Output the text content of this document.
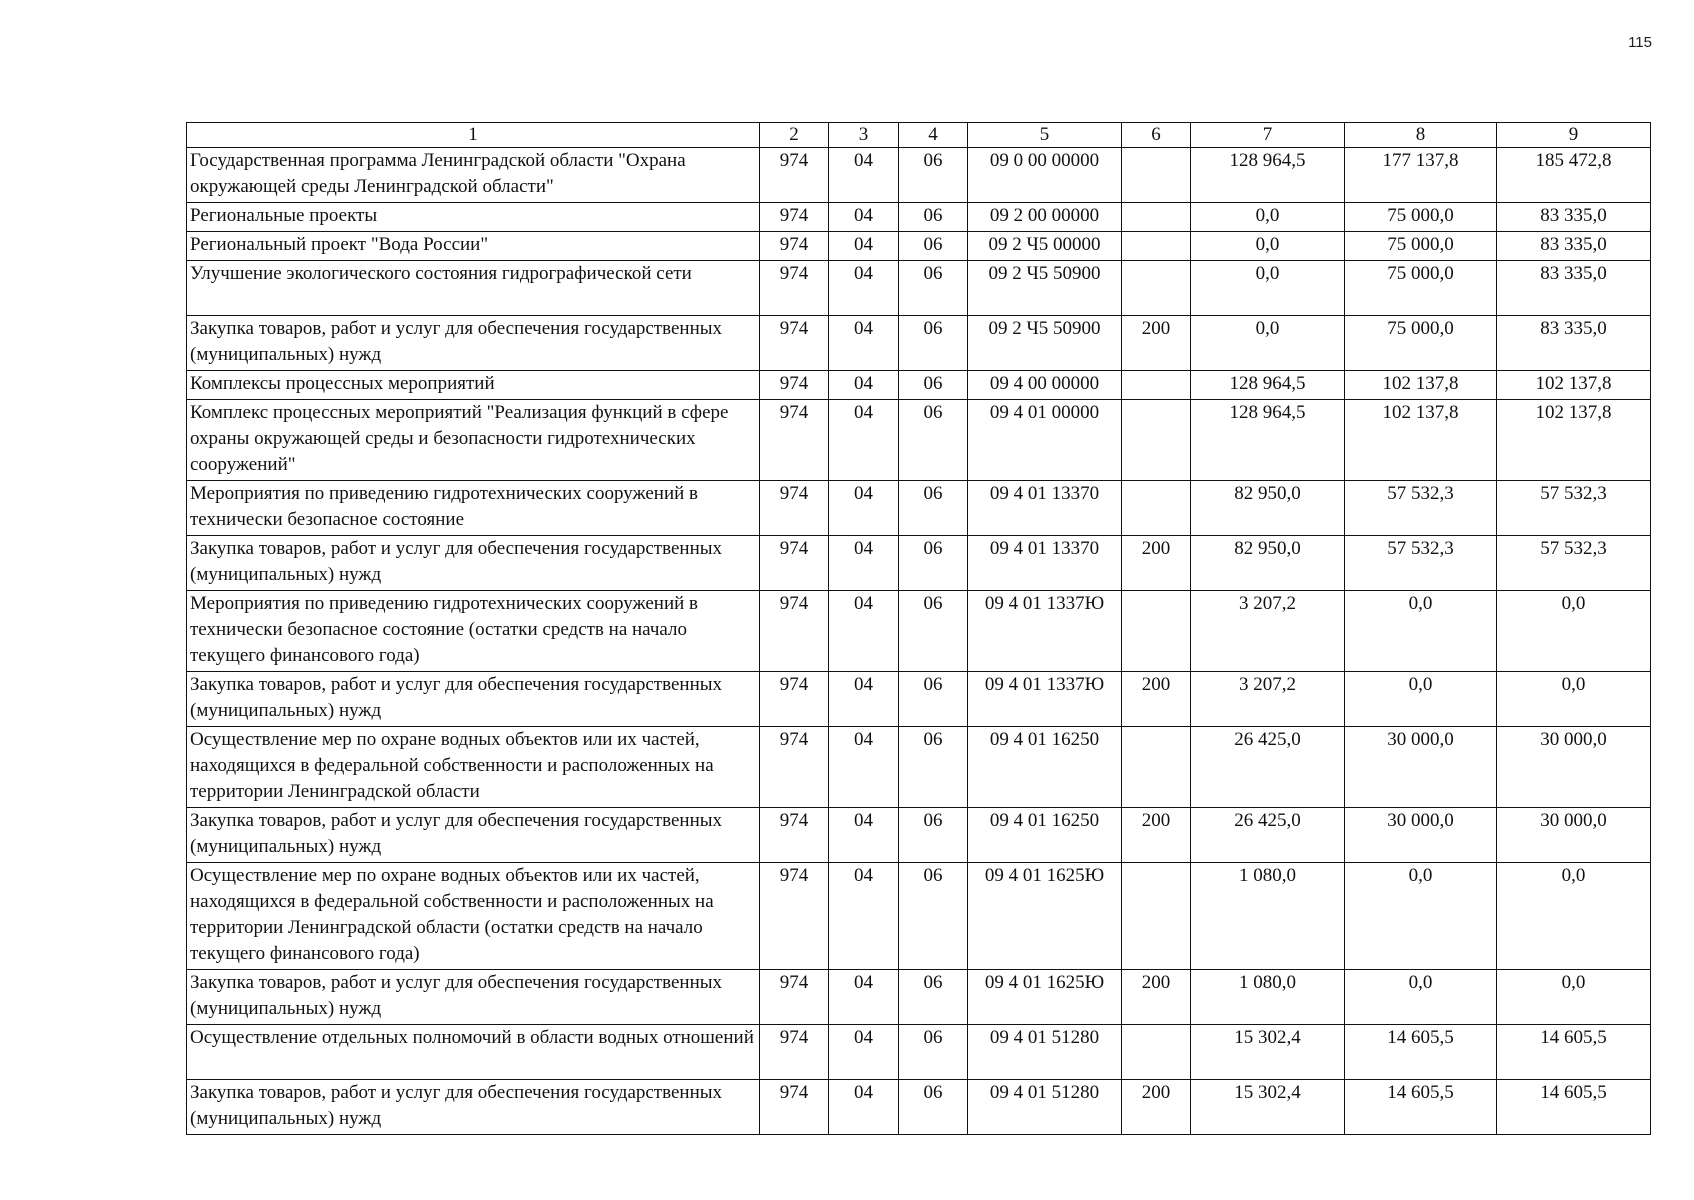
115
1	2	3	4	5	6	7	8	9
Государственная программа Ленинградской области "Охрана окружающей среды Ленинградской области"	974	04	06	09 0 00 00000		128 964,5	177 137,8	185 472,8
Региональные проекты	974	04	06	09 2 00 00000		0,0	75 000,0	83 335,0
Региональный проект "Вода России"	974	04	06	09 2 Ч5 00000		0,0	75 000,0	83 335,0
Улучшение экологического состояния гидрографической сети	974	04	06	09 2 Ч5 50900		0,0	75 000,0	83 335,0
Закупка товаров, работ и услуг для обеспечения государственных (муниципальных) нужд	974	04	06	09 2 Ч5 50900	200	0,0	75 000,0	83 335,0
Комплексы процессных мероприятий	974	04	06	09 4 00 00000		128 964,5	102 137,8	102 137,8
Комплекс процессных мероприятий "Реализация функций в сфере охраны окружающей среды и безопасности гидротехнических сооружений"	974	04	06	09 4 01 00000		128 964,5	102 137,8	102 137,8
Мероприятия по приведению гидротехнических сооружений в технически безопасное состояние	974	04	06	09 4 01 13370		82 950,0	57 532,3	57 532,3
Закупка товаров, работ и услуг для обеспечения государственных (муниципальных) нужд	974	04	06	09 4 01 13370	200	82 950,0	57 532,3	57 532,3
Мероприятия по приведению гидротехнических сооружений в технически безопасное состояние (остатки средств на начало текущего финансового года)	974	04	06	09 4 01 1337Ю		3 207,2	0,0	0,0
Закупка товаров, работ и услуг для обеспечения государственных (муниципальных) нужд	974	04	06	09 4 01 1337Ю	200	3 207,2	0,0	0,0
Осуществление мер по охране водных объектов или их частей, находящихся в федеральной собственности и расположенных на территории Ленинградской области	974	04	06	09 4 01 16250		26 425,0	30 000,0	30 000,0
Закупка товаров, работ и услуг для обеспечения государственных (муниципальных) нужд	974	04	06	09 4 01 16250	200	26 425,0	30 000,0	30 000,0
Осуществление мер по охране водных объектов или их частей, находящихся в федеральной собственности и расположенных на территории Ленинградской области (остатки средств на начало текущего финансового года)	974	04	06	09 4 01 1625Ю		1 080,0	0,0	0,0
Закупка товаров, работ и услуг для обеспечения государственных (муниципальных) нужд	974	04	06	09 4 01 1625Ю	200	1 080,0	0,0	0,0
Осуществление отдельных полномочий в области водных отношений	974	04	06	09 4 01 51280		15 302,4	14 605,5	14 605,5
Закупка товаров, работ и услуг для обеспечения государственных (муниципальных) нужд	974	04	06	09 4 01 51280	200	15 302,4	14 605,5	14 605,5
